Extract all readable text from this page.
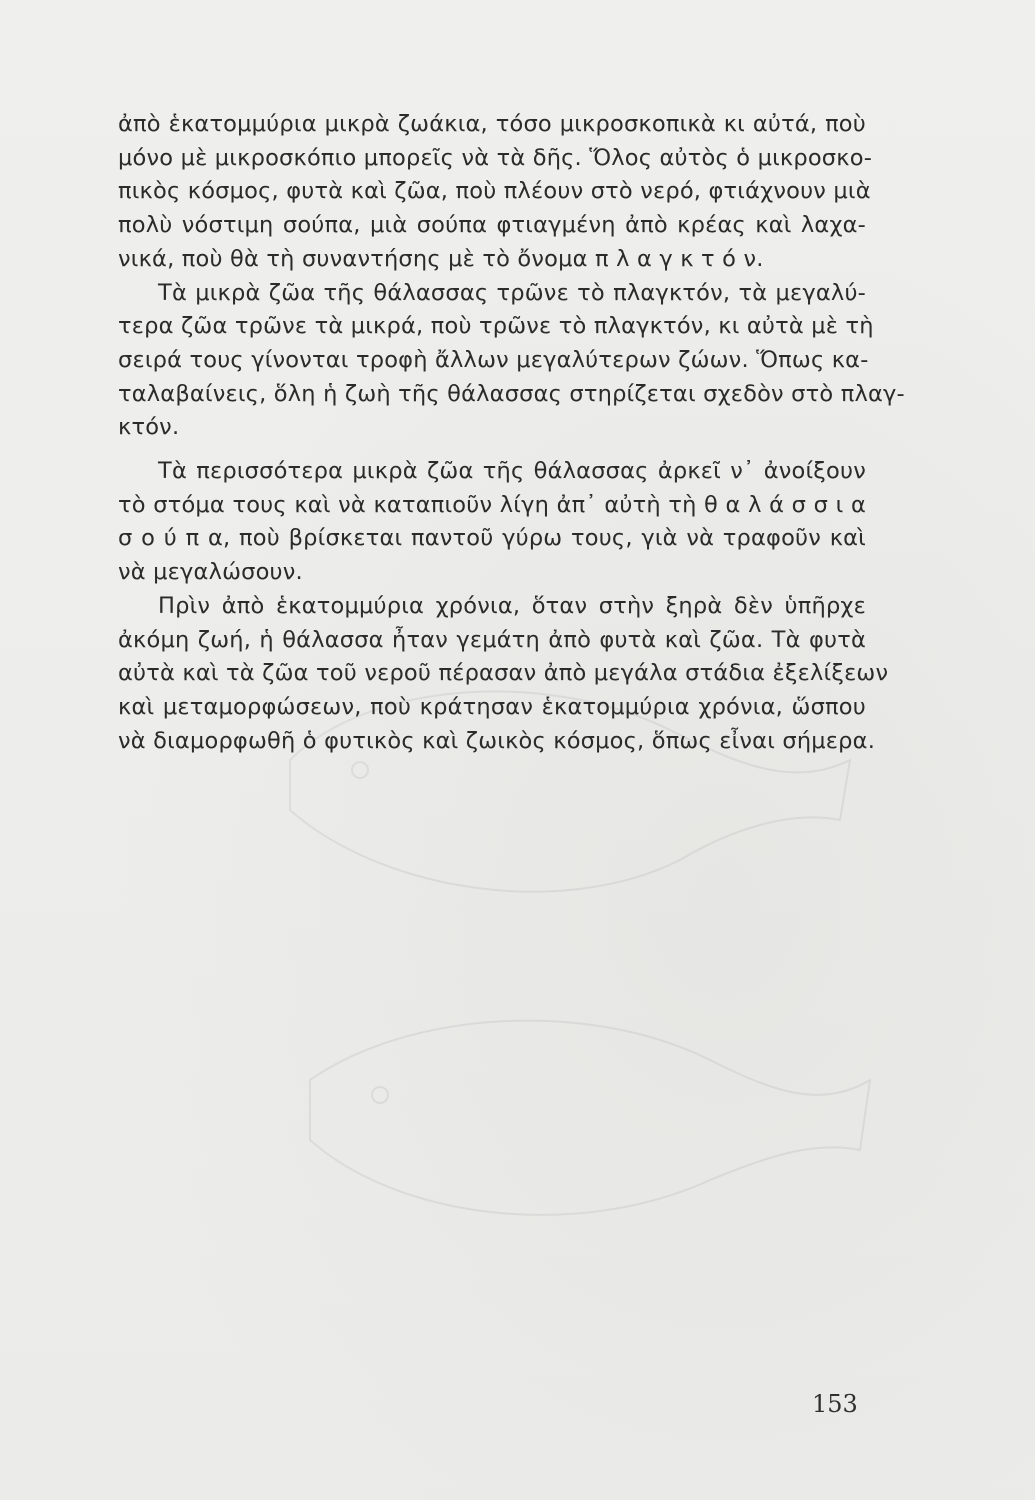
ἀπὸ ἑκατομμύρια μικρὰ ζωάκια, τόσο μικροσκοπικὰ κι αὐτά, ποὺ
μόνο μὲ μικροσκόπιο μπορεῖς νὰ τὰ δῆς. Ὅλος αὐτὸς ὁ μικροσκο-
πικὸς κόσμος, φυτὰ καὶ ζῶα, ποὺ πλέουν στὸ νερό, φτιάχνουν μιὰ
πολὺ νόστιμη σούπα, μιὰ σούπα φτιαγμένη ἀπὸ κρέας καὶ λαχα-
νικά, ποὺ θὰ τὴ συναντήσης μὲ τὸ ὄνομα π λ α γ κ τ ό ν.
Τὰ μικρὰ ζῶα τῆς θάλασσας τρῶνε τὸ πλαγκτόν, τὰ μεγαλύ-
τερα ζῶα τρῶνε τὰ μικρά, ποὺ τρῶνε τὸ πλαγκτόν, κι αὐτὰ μὲ τὴ
σειρά τους γίνονται τροφὴ ἄλλων μεγαλύτερων ζώων. Ὅπως κα-
ταλαβαίνεις, ὅλη ἡ ζωὴ τῆς θάλασσας στηρίζεται σχεδὸν στὸ πλαγ-
κτόν.
Τὰ περισσότερα μικρὰ ζῶα τῆς θάλασσας ἀρκεῖ ν᾽ ἀνοίξουν
τὸ στόμα τους καὶ νὰ καταπιοῦν λίγη ἀπ᾽ αὐτὴ τὴ θ α λ ά σ σ ι α
σ ο ύ π α, ποὺ βρίσκεται παντοῦ γύρω τους, γιὰ νὰ τραφοῦν καὶ
νὰ μεγαλώσουν.
Πρὶν ἀπὸ ἑκατομμύρια χρόνια, ὅταν στὴν ξηρὰ δὲν ὑπῆρχε
ἀκόμη ζωή, ἡ θάλασσα ἦταν γεμάτη ἀπὸ φυτὰ καὶ ζῶα. Τὰ φυτὰ
αὐτὰ καὶ τὰ ζῶα τοῦ νεροῦ πέρασαν ἀπὸ μεγάλα στάδια ἐξελίξεων
καὶ μεταμορφώσεων, ποὺ κράτησαν ἑκατομμύρια χρόνια, ὥσπου
νὰ διαμορφωθῆ ὁ φυτικὸς καὶ ζωικὸς κόσμος, ὅπως εἶναι σήμερα.
153
